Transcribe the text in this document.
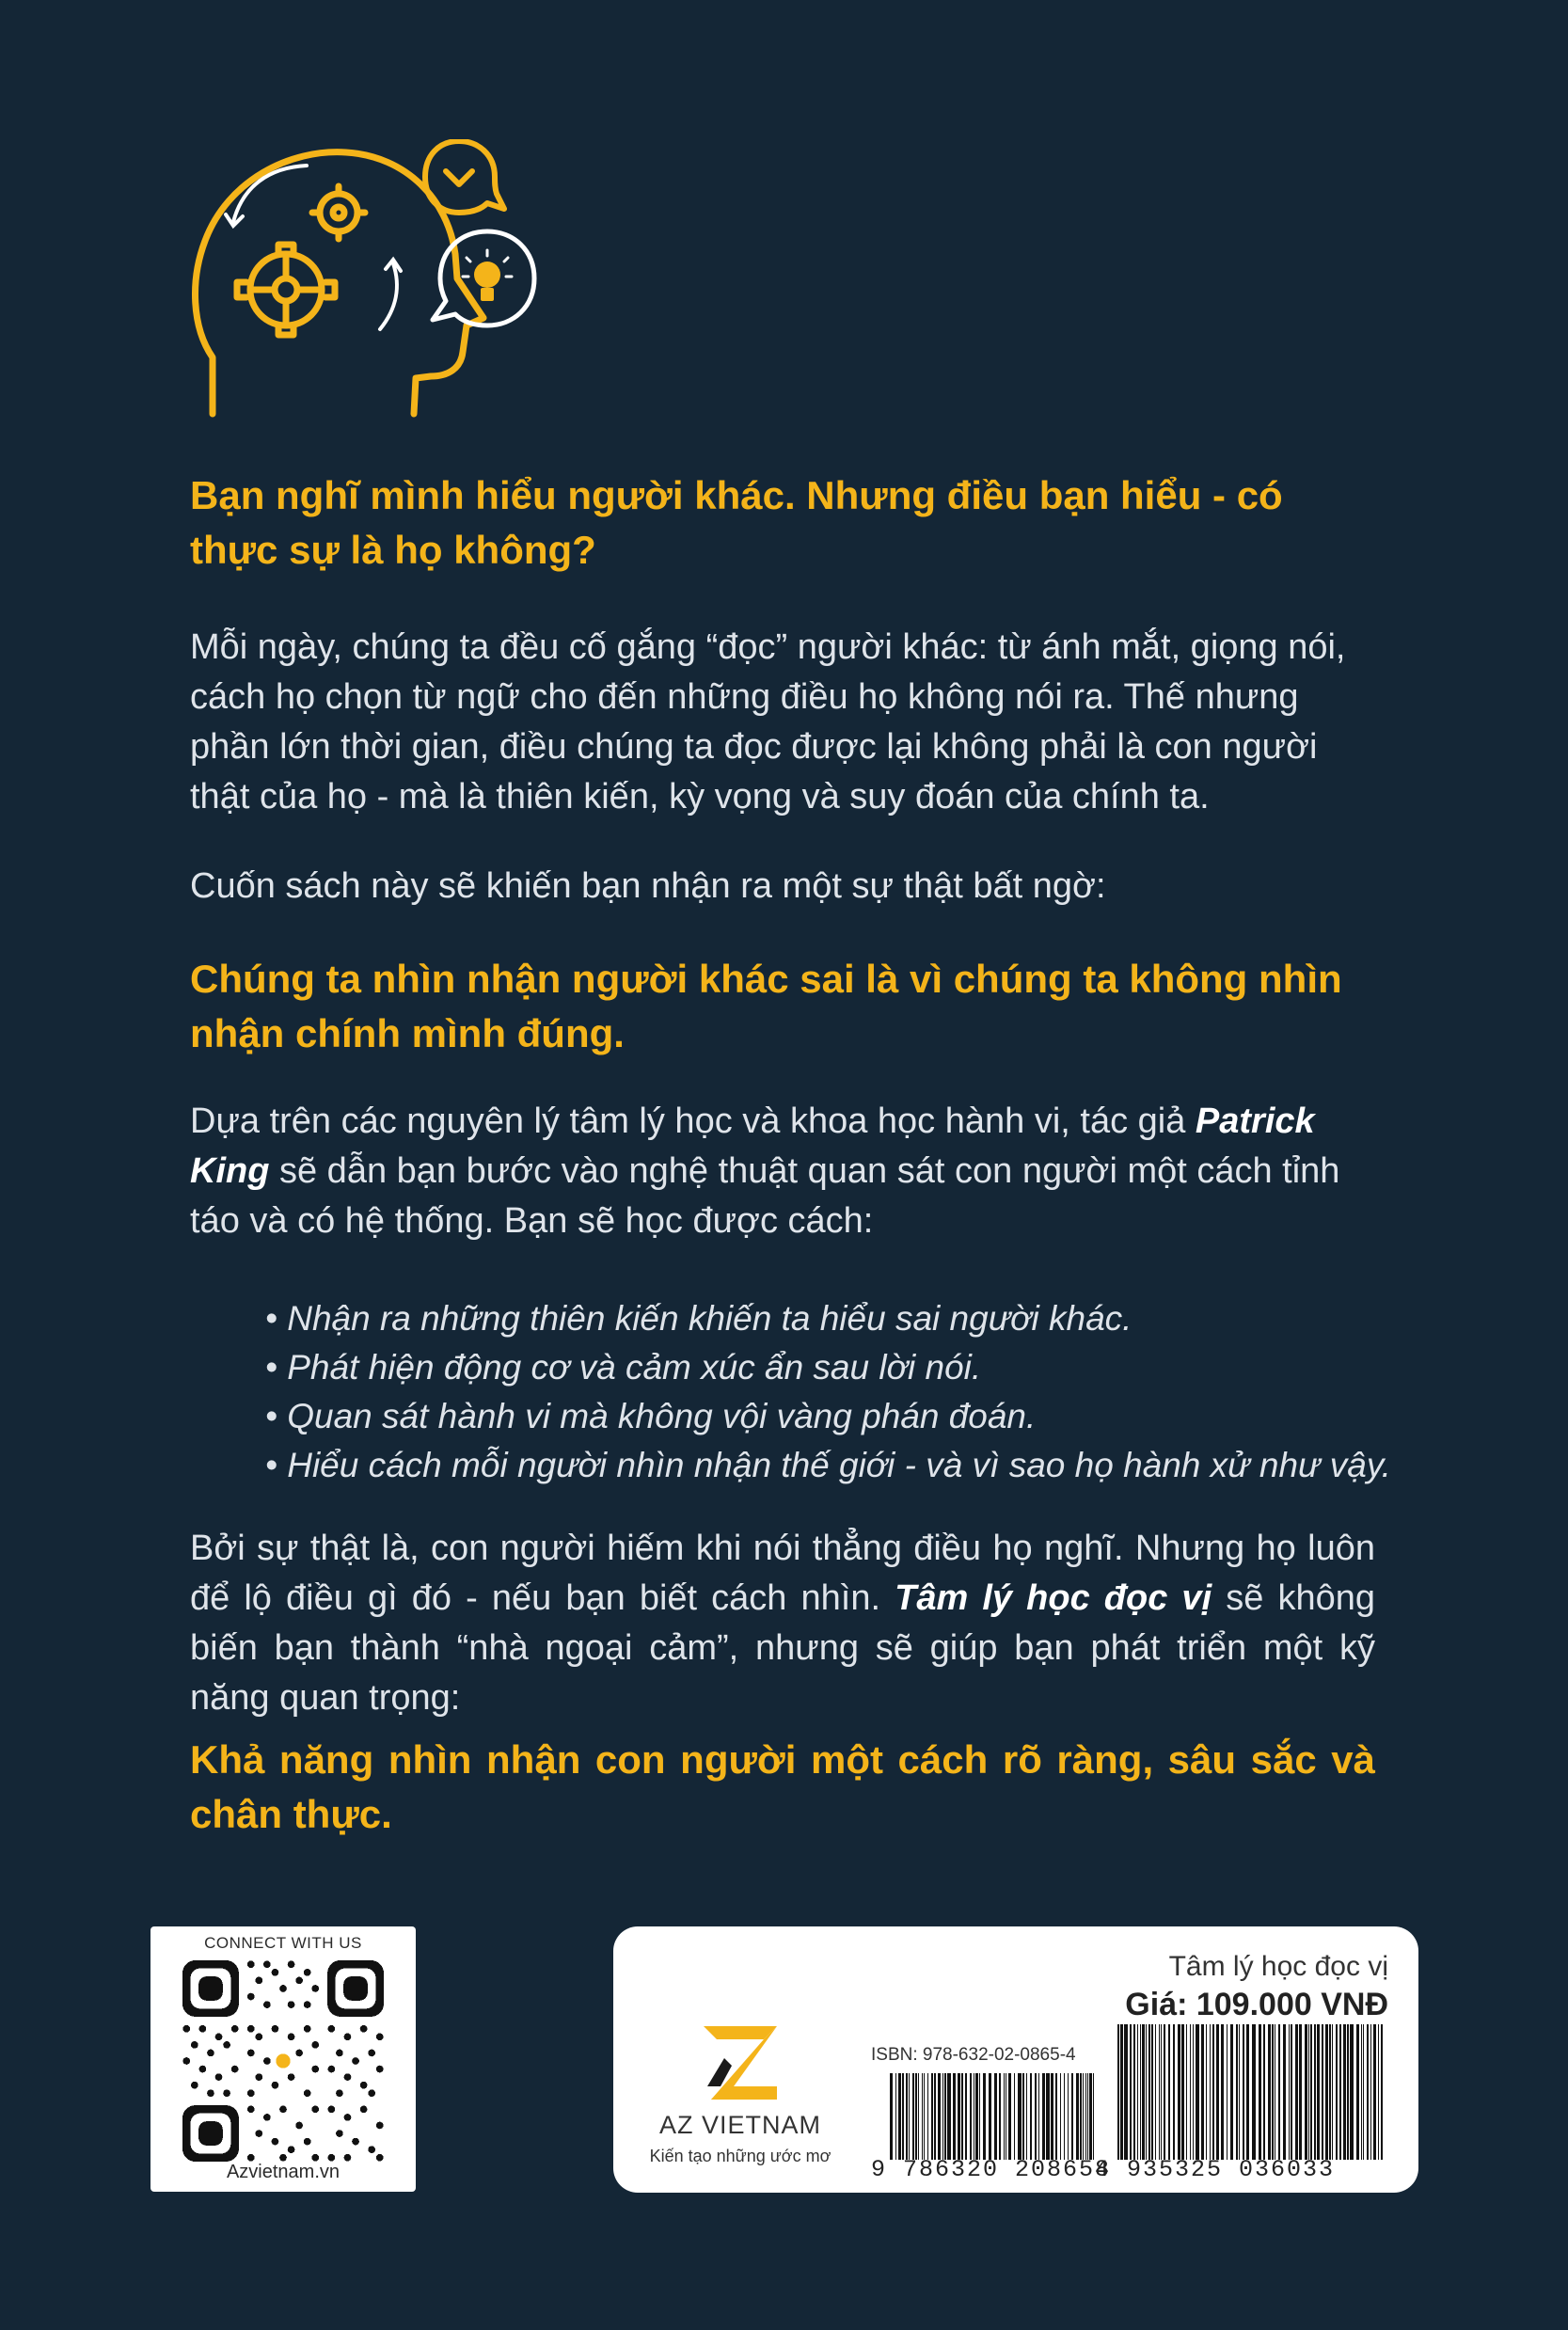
Bạn nghĩ mình hiểu người khác. Nhưng điều bạn hiểu - có thực sự là họ không?

Mỗi ngày, chúng ta đều cố gắng “đọc” người khác: từ ánh mắt, giọng nói, cách họ chọn từ ngữ cho đến những điều họ không nói ra. Thế nhưng phần lớn thời gian, điều chúng ta đọc được lại không phải là con người thật của họ - mà là thiên kiến, kỳ vọng và suy đoán của chính ta.

Cuốn sách này sẽ khiến bạn nhận ra một sự thật bất ngờ:

Chúng ta nhìn nhận người khác sai là vì chúng ta không nhìn nhận chính mình đúng.

Dựa trên các nguyên lý tâm lý học và khoa học hành vi, tác giả Patrick King sẽ dẫn bạn bước vào nghệ thuật quan sát con người một cách tỉnh táo và có hệ thống. Bạn sẽ học được cách:

• Nhận ra những thiên kiến khiến ta hiểu sai người khác.
• Phát hiện động cơ và cảm xúc ẩn sau lời nói.
• Quan sát hành vi mà không vội vàng phán đoán.
• Hiểu cách mỗi người nhìn nhận thế giới - và vì sao họ hành xử như vậy.

Bởi sự thật là, con người hiếm khi nói thẳng điều họ nghĩ. Nhưng họ luôn để lộ điều gì đó - nếu bạn biết cách nhìn. Tâm lý học đọc vị sẽ không biến bạn thành “nhà ngoại cảm”, nhưng sẽ giúp bạn phát triển một kỹ năng quan trọng:

Khả năng nhìn nhận con người một cách rõ ràng, sâu sắc và chân thực.

CONNECT WITH US
Azvietnam.vn
AZ VIETNAM
Kiến tạo những ước mơ
Tâm lý học đọc vị
Giá: 109.000 VNĐ
ISBN: 978-632-02-0865-4
9 786320 208654
8 935325 036033
